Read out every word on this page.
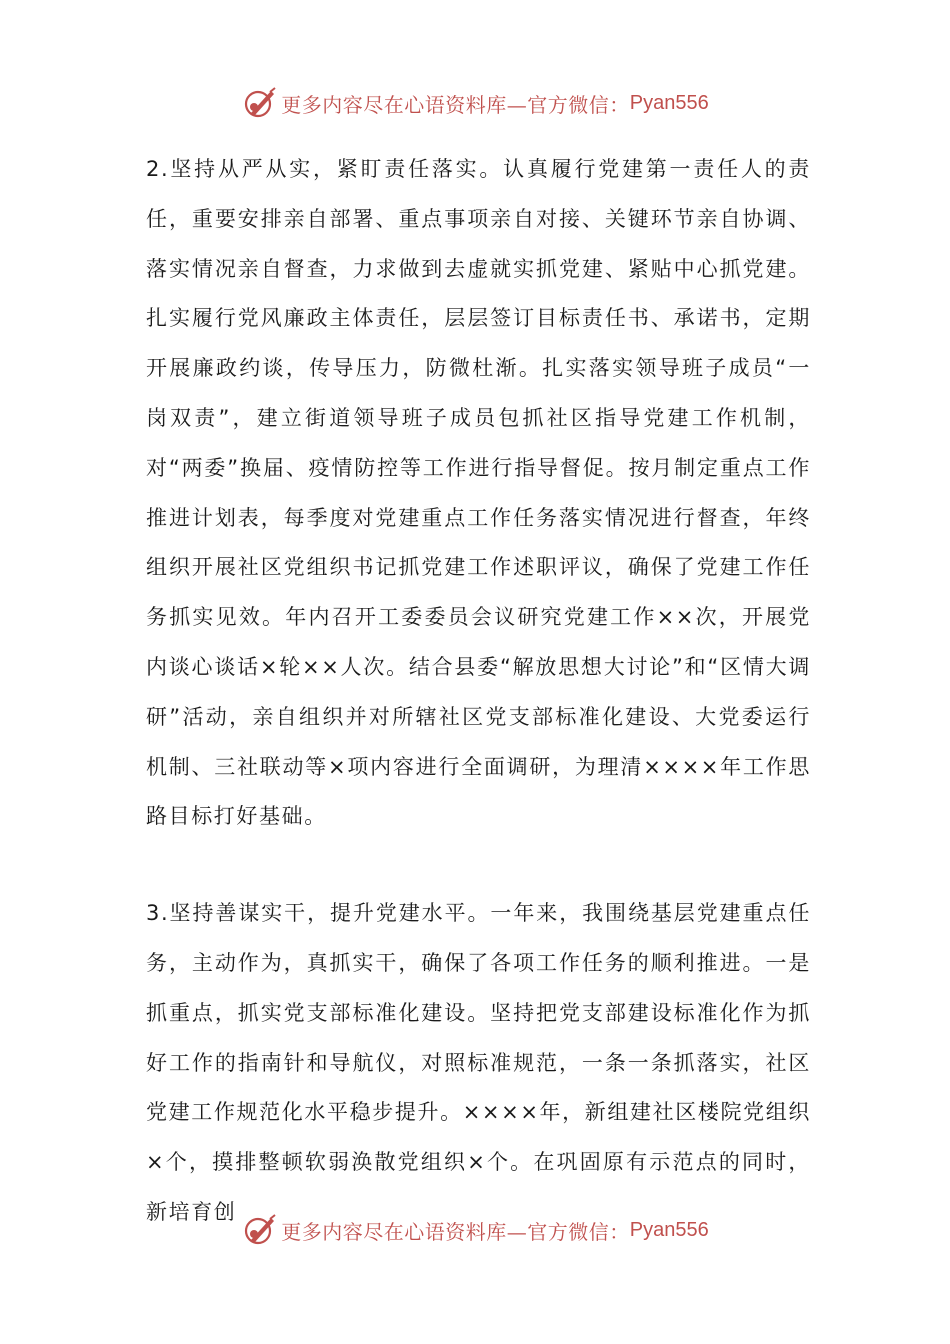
更多内容尽在心语资料库—官方微信： Pyan556

2.坚持从严从实，紧盯责任落实。认真履行党建第一责任人的责任，重要安排亲自部署、重点事项亲自对接、关键环节亲自协调、落实情况亲自督查，力求做到去虚就实抓党建、紧贴中心抓党建。扎实履行党风廉政主体责任，层层签订目标责任书、承诺书，定期开展廉政约谈，传导压力，防微杜渐。扎实落实领导班子成员“一岗双责”，建立街道领导班子成员包抓社区指导党建工作机制，对“两委”换届、疫情防控等工作进行指导督促。按月制定重点工作推进计划表，每季度对党建重点工作任务落实情况进行督查，年终组织开展社区党组织书记抓党建工作述职评议，确保了党建工作任务抓实见效。年内召开工委委员会议研究党建工作××次，开展党内谈心谈话×轮××人次。结合县委“解放思想大讨论”和“区情大调研”活动，亲自组织并对所辖社区党支部标准化建设、大党委运行机制、三社联动等×项内容进行全面调研，为理清××××年工作思路目标打好基础。

3.坚持善谋实干，提升党建水平。一年来，我围绕基层党建重点任务，主动作为，真抓实干，确保了各项工作任务的顺利推进。一是抓重点，抓实党支部标准化建设。坚持把党支部建设标准化作为抓好工作的指南针和导航仪，对照标准规范，一条一条抓落实，社区党建工作规范化水平稳步提升。××××年，新组建社区楼院党组织×个，摸排整顿软弱涣散党组织×个。在巩固原有示范点的同时，新培育创

更多内容尽在心语资料库—官方微信： Pyan556
